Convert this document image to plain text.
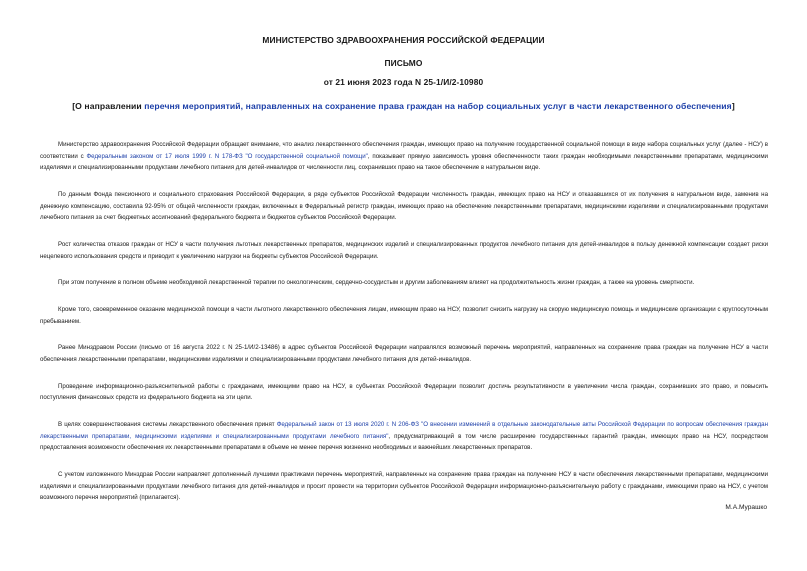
МИНИСТЕРСТВО ЗДРАВООХРАНЕНИЯ РОССИЙСКОЙ ФЕДЕРАЦИИ
ПИСЬМО
от 21 июня 2023 года N 25-1/И/2-10980
[О направлении перечня мероприятий, направленных на сохранение права граждан на набор социальных услуг в части лекарственного обеспечения]

Министерство здравоохранения Российской Федерации обращает внимание, что анализ лекарственного обеспечения граждан, имеющих право на получение государственной социальной помощи в виде набора социальных услуг (далее - НСУ) в соответствии с Федеральным законом от 17 июля 1999 г. N 178-ФЗ "О государственной социальной помощи", показывает прямую зависимость уровня обеспеченности таких граждан необходимыми лекарственными препаратами, медицинскими изделиями и специализированными продуктами лечебного питания для детей-инвалидов от численности лиц, сохранивших право на такое обеспечение в натуральном виде.

По данным Фонда пенсионного и социального страхования Российской Федерации, в ряде субъектов Российской Федерации численность граждан, имеющих право на НСУ и отказавшихся от их получения в натуральном виде, заменив на денежную компенсацию, составила 92-95% от общей численности граждан, включенных в Федеральный регистр граждан, имеющих право на обеспечение лекарственными препаратами, медицинскими изделиями и специализированными продуктами лечебного питания за счет бюджетных ассигнований федерального бюджета и бюджетов субъектов Российской Федерации.

Рост количества отказов граждан от НСУ в части получения льготных лекарственных препаратов, медицинских изделий и специализированных продуктов лечебного питания для детей-инвалидов в пользу денежной компенсации создает риски нецелевого использования средств и приводит к увеличению нагрузки на бюджеты субъектов Российской Федерации.

При этом получение в полном объеме необходимой лекарственной терапии по онкологическим, сердечно-сосудистым и другим заболеваниям влияет на продолжительность жизни граждан, а также на уровень смертности.

Кроме того, своевременное оказание медицинской помощи в части льготного лекарственного обеспечения лицам, имеющим право на НСУ, позволит снизить нагрузку на скорую медицинскую помощь и медицинские организации с круглосуточным пребыванием.

Ранее Минздравом России (письмо от 16 августа 2022 г. N 25-1/И/2-13486) в адрес субъектов Российской Федерации направлялся возможный перечень мероприятий, направленных на сохранение права граждан на получение НСУ в части обеспечения лекарственными препаратами, медицинскими изделиями и специализированными продуктами лечебного питания для детей-инвалидов.

Проведение информационно-разъяснительной работы с гражданами, имеющими право на НСУ, в субъектах Российской Федерации позволит достичь результативности в увеличении числа граждан, сохранивших это право, и повысить поступления финансовых средств из федерального бюджета на эти цели.

В целях совершенствования системы лекарственного обеспечения принят Федеральный закон от 13 июля 2020 г. N 206-ФЗ "О внесении изменений в отдельные законодательные акты Российской Федерации по вопросам обеспечения граждан лекарственными препаратами, медицинскими изделиями и специализированными продуктами лечебного питания", предусматривающий в том числе расширение государственных гарантий граждан, имеющих право на НСУ, посредством предоставления возможности обеспечения их лекарственными препаратами в объеме не менее перечня жизненно необходимых и важнейших лекарственных препаратов.

С учетом изложенного Минздрав России направляет дополненный лучшими практиками перечень мероприятий, направленных на сохранение права граждан на получение НСУ в части обеспечения лекарственными препаратами, медицинскими изделиями и специализированными продуктами лечебного питания для детей-инвалидов и просит провести на территории субъектов Российской Федерации информационно-разъяснительную работу с гражданами, имеющими право на НСУ, с учетом возможного перечня мероприятий (прилагается).

М.А.Мурашко
